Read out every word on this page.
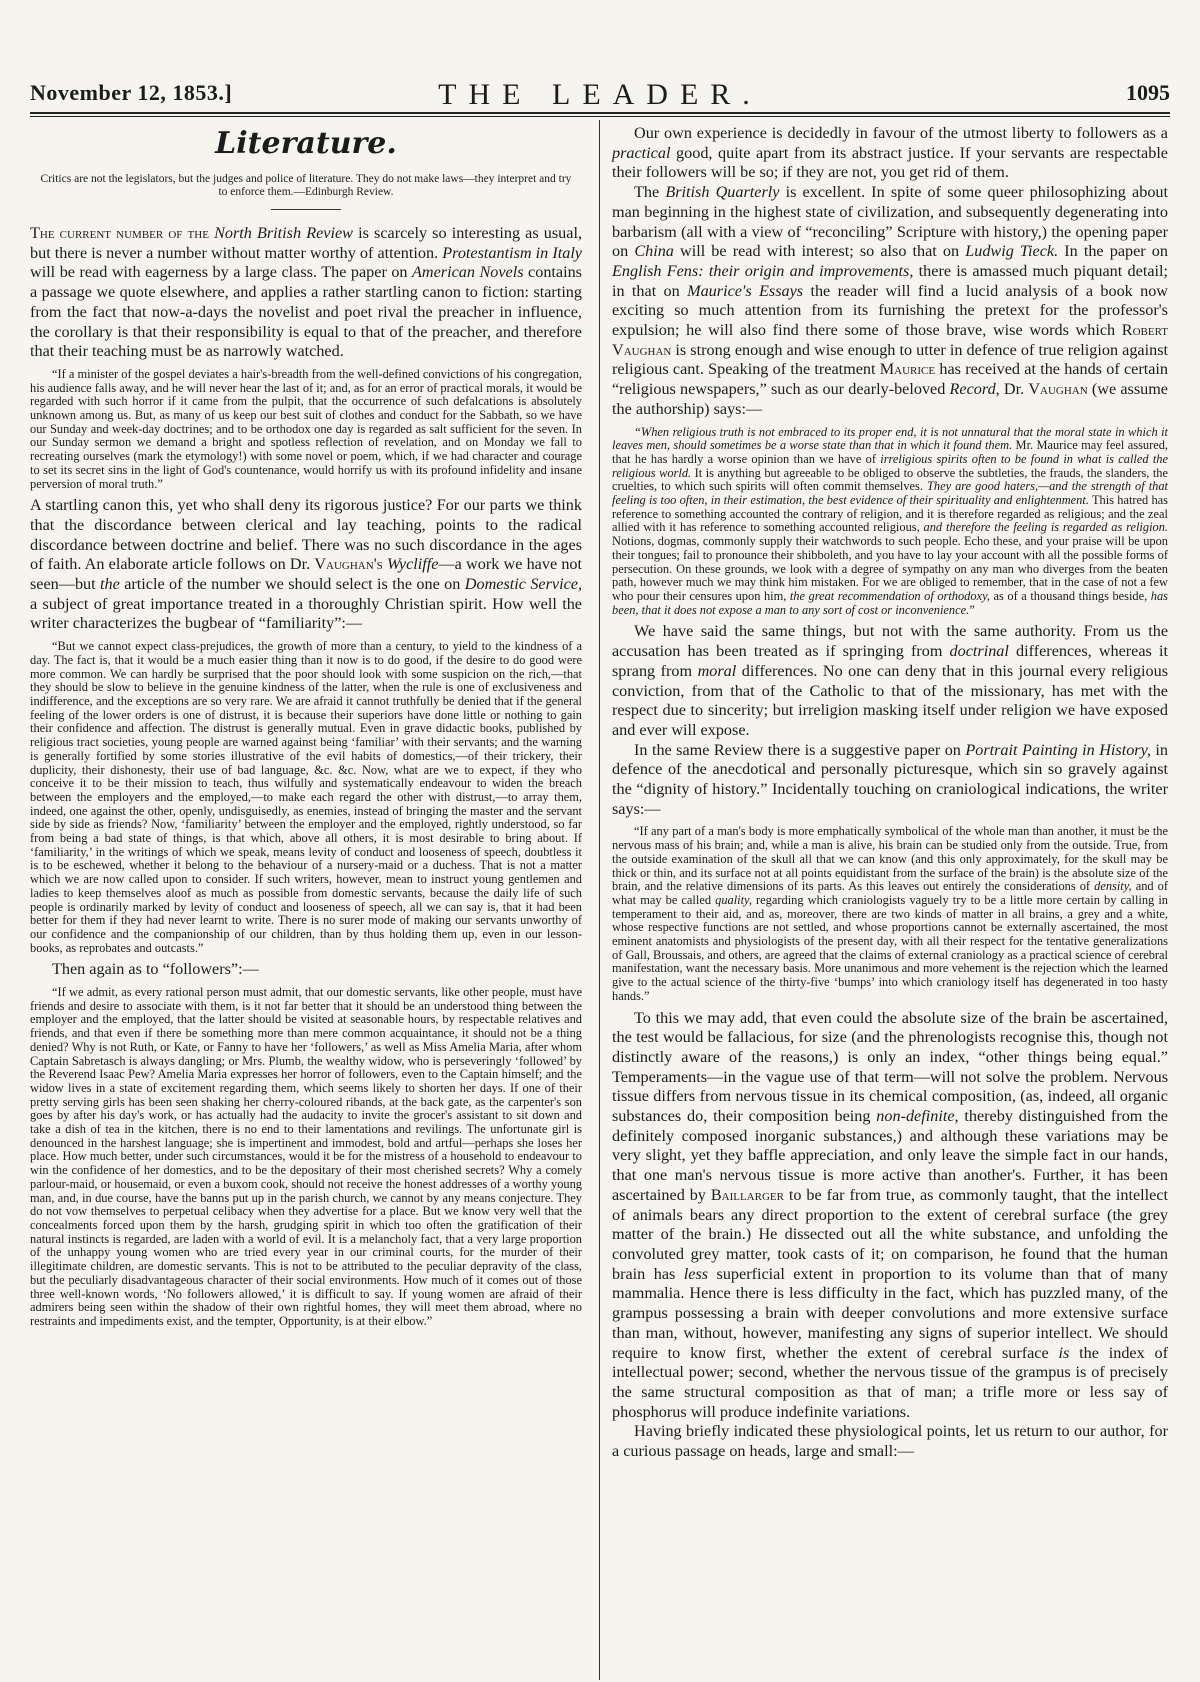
November 12, 1853.]	THE LEADER.	1095
Literature.
Critics are not the legislators, but the judges and police of literature. They do not make laws—they interpret and try to enforce them.—Edinburgh Review.

The current number of the North British Review is scarcely so interesting as usual, but there is never a number without matter worthy of attention. Protestantism in Italy will be read with eagerness by a large class. The paper on American Novels contains a passage we quote elsewhere, and applies a rather startling canon to fiction: starting from the fact that now-a-days the novelist and poet rival the preacher in influence, the corollary is that their responsibility is equal to that of the preacher, and therefore that their teaching must be as narrowly watched.

“If a minister of the gospel deviates a hair's-breadth from the well-defined convictions of his congregation, his audience falls away, and he will never hear the last of it; and, as for an error of practical morals, it would be regarded with such horror if it came from the pulpit, that the occurrence of such defalcations is absolutely unknown among us. But, as many of us keep our best suit of clothes and conduct for the Sabbath, so we have our Sunday and week-day doctrines; and to be orthodox one day is regarded as salt sufficient for the seven. In our Sunday sermon we demand a bright and spotless reflection of revelation, and on Monday we fall to recreating ourselves (mark the etymology!) with some novel or poem, which, if we had character and courage to set its secret sins in the light of God's countenance, would horrify us with its profound infidelity and insane perversion of moral truth.”

A startling canon this, yet who shall deny its rigorous justice? For our parts we think that the discordance between clerical and lay teaching, points to the radical discordance between doctrine and belief. There was no such discordance in the ages of faith. An elaborate article follows on Dr. Vaughan's Wycliffe—a work we have not seen—but the article of the number we should select is the one on Domestic Service, a subject of great importance treated in a thoroughly Christian spirit. How well the writer characterizes the bugbear of “familiarity”:—

“But we cannot expect class-prejudices, the growth of more than a century, to yield to the kindness of a day. The fact is, that it would be a much easier thing than it now is to do good, if the desire to do good were more common. We can hardly be surprised that the poor should look with some suspicion on the rich,—that they should be slow to believe in the genuine kindness of the latter, when the rule is one of exclusiveness and indifference, and the exceptions are so very rare. We are afraid it cannot truthfully be denied that if the general feeling of the lower orders is one of distrust, it is because their superiors have done little or nothing to gain their confidence and affection. The distrust is generally mutual. Even in grave didactic books, published by religious tract societies, young people are warned against being ‘familiar’ with their servants; and the warning is generally fortified by some stories illustrative of the evil habits of domestics,—of their trickery, their duplicity, their dishonesty, their use of bad language, &c. &c. Now, what are we to expect, if they who conceive it to be their mission to teach, thus wilfully and systematically endeavour to widen the breach between the employers and the employed,—to make each regard the other with distrust,—to array them, indeed, one against the other, openly, undisguisedly, as enemies, instead of bringing the master and the servant side by side as friends? Now, ‘familiarity’ between the employer and the employed, rightly understood, so far from being a bad state of things, is that which, above all others, it is most desirable to bring about. If ‘familiarity,’ in the writings of which we speak, means levity of conduct and looseness of speech, doubtless it is to be eschewed, whether it belong to the behaviour of a nursery-maid or a duchess. That is not a matter which we are now called upon to consider. If such writers, however, mean to instruct young gentlemen and ladies to keep themselves aloof as much as possible from domestic servants, because the daily life of such people is ordinarily marked by levity of conduct and looseness of speech, all we can say is, that it had been better for them if they had never learnt to write. There is no surer mode of making our servants unworthy of our confidence and the companionship of our children, than by thus holding them up, even in our lesson-books, as reprobates and outcasts.”

Then again as to “followers”:—

“If we admit, as every rational person must admit, that our domestic servants, like other people, must have friends and desire to associate with them, is it not far better that it should be an understood thing between the employer and the employed, that the latter should be visited at seasonable hours, by respectable relatives and friends, and that even if there be something more than mere common acquaintance, it should not be a thing denied? Why is not Ruth, or Kate, or Fanny to have her ‘followers,’ as well as Miss Amelia Maria, after whom Captain Sabretasch is always dangling; or Mrs. Plumb, the wealthy widow, who is perseveringly ‘followed’ by the Reverend Isaac Pew? Amelia Maria expresses her horror of followers, even to the Captain himself; and the widow lives in a state of excitement regarding them, which seems likely to shorten her days. If one of their pretty serving girls has been seen shaking her cherry-coloured ribands, at the back gate, as the carpenter's son goes by after his day's work, or has actually had the audacity to invite the grocer's assistant to sit down and take a dish of tea in the kitchen, there is no end to their lamentations and revilings. The unfortunate girl is denounced in the harshest language; she is impertinent and immodest, bold and artful—perhaps she loses her place. How much better, under such circumstances, would it be for the mistress of a household to endeavour to win the confidence of her domestics, and to be the depositary of their most cherished secrets? Why a comely parlour-maid, or housemaid, or even a buxom cook, should not receive the honest addresses of a worthy young man, and, in due course, have the banns put up in the parish church, we cannot by any means conjecture. They do not vow themselves to perpetual celibacy when they advertise for a place. But we know very well that the concealments forced upon them by the harsh, grudging spirit in which too often the gratification of their natural instincts is regarded, are laden with a world of evil. It is a melancholy fact, that a very large proportion of the unhappy young women who are tried every year in our criminal courts, for the murder of their illegitimate children, are domestic servants. This is not to be attributed to the peculiar depravity of the class, but the peculiarly disadvantageous character of their social environments. How much of it comes out of those three well-known words, ‘No followers allowed,’ it is difficult to say. If young women are afraid of their admirers being seen within the shadow of their own rightful homes, they will meet them abroad, where no restraints and impediments exist, and the tempter, Opportunity, is at their elbow.”

Our own experience is decidedly in favour of the utmost liberty to followers as a practical good, quite apart from its abstract justice. If your servants are respectable their followers will be so; if they are not, you get rid of them.

The British Quarterly is excellent. In spite of some queer philosophizing about man beginning in the highest state of civilization, and subsequently degenerating into barbarism (all with a view of “reconciling” Scripture with history,) the opening paper on China will be read with interest; so also that on Ludwig Tieck. In the paper on English Fens: their origin and improvements, there is amassed much piquant detail; in that on Maurice's Essays the reader will find a lucid analysis of a book now exciting so much attention from its furnishing the pretext for the professor's expulsion; he will also find there some of those brave, wise words which Robert Vaughan is strong enough and wise enough to utter in defence of true religion against religious cant. Speaking of the treatment Maurice has received at the hands of certain “religious newspapers,” such as our dearly-beloved Record, Dr. Vaughan (we assume the authorship) says:—

“When religious truth is not embraced to its proper end, it is not unnatural that the moral state in which it leaves men, should sometimes be a worse state than that in which it found them. Mr. Maurice may feel assured, that he has hardly a worse opinion than we have of irreligious spirits often to be found in what is called the religious world. It is anything but agreeable to be obliged to observe the subtleties, the frauds, the slanders, the cruelties, to which such spirits will often commit themselves. They are good haters,—and the strength of that feeling is too often, in their estimation, the best evidence of their spirituality and enlightenment. This hatred has reference to something accounted the contrary of religion, and it is therefore regarded as religious; and the zeal allied with it has reference to something accounted religious, and therefore the feeling is regarded as religion. Notions, dogmas, commonly supply their watchwords to such people. Echo these, and your praise will be upon their tongues; fail to pronounce their shibboleth, and you have to lay your account with all the possible forms of persecution. On these grounds, we look with a degree of sympathy on any man who diverges from the beaten path, however much we may think him mistaken. For we are obliged to remember, that in the case of not a few who pour their censures upon him, the great recommendation of orthodoxy, as of a thousand things beside, has been, that it does not expose a man to any sort of cost or inconvenience.”

We have said the same things, but not with the same authority. From us the accusation has been treated as if springing from doctrinal differences, whereas it sprang from moral differences. No one can deny that in this journal every religious conviction, from that of the Catholic to that of the missionary, has met with the respect due to sincerity; but irreligion masking itself under religion we have exposed and ever will expose.

In the same Review there is a suggestive paper on Portrait Painting in History, in defence of the anecdotical and personally picturesque, which sin so gravely against the “dignity of history.” Incidentally touching on craniological indications, the writer says:—

“If any part of a man's body is more emphatically symbolical of the whole man than another, it must be the nervous mass of his brain; and, while a man is alive, his brain can be studied only from the outside. True, from the outside examination of the skull all that we can know (and this only approximately, for the skull may be thick or thin, and its surface not at all points equidistant from the surface of the brain) is the absolute size of the brain, and the relative dimensions of its parts. As this leaves out entirely the considerations of density, and of what may be called quality, regarding which craniologists vaguely try to be a little more certain by calling in temperament to their aid, and as, moreover, there are two kinds of matter in all brains, a grey and a white, whose respective functions are not settled, and whose proportions cannot be externally ascertained, the most eminent anatomists and physiologists of the present day, with all their respect for the tentative generalizations of Gall, Broussais, and others, are agreed that the claims of external craniology as a practical science of cerebral manifestation, want the necessary basis. More unanimous and more vehement is the rejection which the learned give to the actual science of the thirty-five ‘bumps’ into which craniology itself has degenerated in too hasty hands.”

To this we may add, that even could the absolute size of the brain be ascertained, the test would be fallacious, for size (and the phrenologists recognise this, though not distinctly aware of the reasons,) is only an index, “other things being equal.” Temperaments—in the vague use of that term—will not solve the problem. Nervous tissue differs from nervous tissue in its chemical composition, (as, indeed, all organic substances do, their composition being non-definite, thereby distinguished from the definitely composed inorganic substances,) and although these variations may be very slight, yet they baffle appreciation, and only leave the simple fact in our hands, that one man's nervous tissue is more active than another's. Further, it has been ascertained by Baillarger to be far from true, as commonly taught, that the intellect of animals bears any direct proportion to the extent of cerebral surface (the grey matter of the brain.) He dissected out all the white substance, and unfolding the convoluted grey matter, took casts of it; on comparison, he found that the human brain has less superficial extent in proportion to its volume than that of many mammalia. Hence there is less difficulty in the fact, which has puzzled many, of the grampus possessing a brain with deeper convolutions and more extensive surface than man, without, however, manifesting any signs of superior intellect. We should require to know first, whether the extent of cerebral surface is the index of intellectual power; second, whether the nervous tissue of the grampus is of precisely the same structural composition as that of man; a trifle more or less say of phosphorus will produce indefinite variations.

Having briefly indicated these physiological points, let us return to our author, for a curious passage on heads, large and small:—
